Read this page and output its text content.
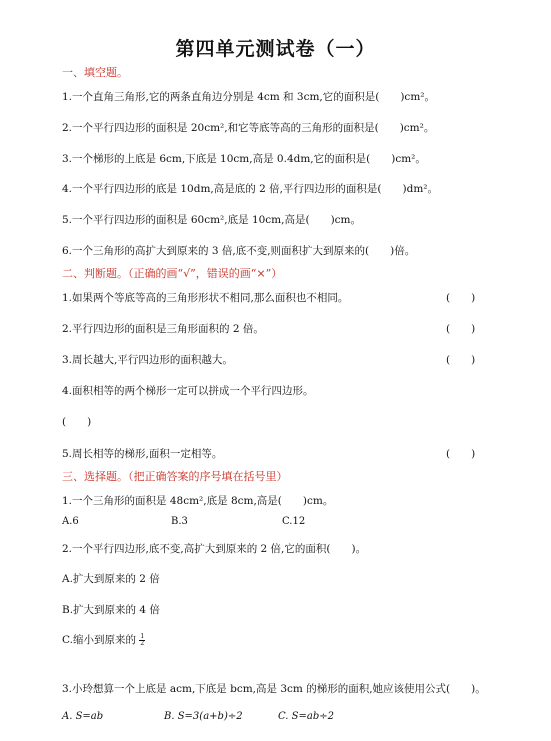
第四单元测试卷（一）
一、填空题。
1.一个直角三角形,它的两条直角边分别是 4cm 和 3cm,它的面积是(　　)cm²。
2.一个平行四边形的面积是 20cm²,和它等底等高的三角形的面积是(　　)cm²。
3.一个梯形的上底是 6cm,下底是 10cm,高是 0.4dm,它的面积是(　　)cm²。
4.一个平行四边形的底是 10dm,高是底的 2 倍,平行四边形的面积是(　　)dm²。
5.一个平行四边形的面积是 60cm²,底是 10cm,高是(　　)cm。
6.一个三角形的高扩大到原来的 3 倍,底不变,则面积扩大到原来的(　　)倍。
二、判断题。（正确的画“√”，错误的画“×”）
1.如果两个等底等高的三角形形状不相同,那么面积也不相同。	(　　)
2.平行四边形的面积是三角形面积的 2 倍。	(　　)
3.周长越大,平行四边形的面积越大。	(　　)
4.面积相等的两个梯形一定可以拼成一个平行四边形。
(　　)
5.周长相等的梯形,面积一定相等。	(　　)
三、选择题。（把正确答案的序号填在括号里）
1.一个三角形的面积是 48cm²,底是 8cm,高是(　　)cm。
A.6	B.3	C.12
2.一个平行四边形,底不变,高扩大到原来的 2 倍,它的面积(　　)。
A.扩大到原来的 2 倍
B.扩大到原来的 4 倍
C.缩小到原来的 $\frac{1}{2}$
3.小玲想算一个上底是 acm,下底是 bcm,高是 3cm 的梯形的面积,她应该使用公式(　　)。
A. S=ab	B. S=3(a+b)÷2	C. S=ab÷2
